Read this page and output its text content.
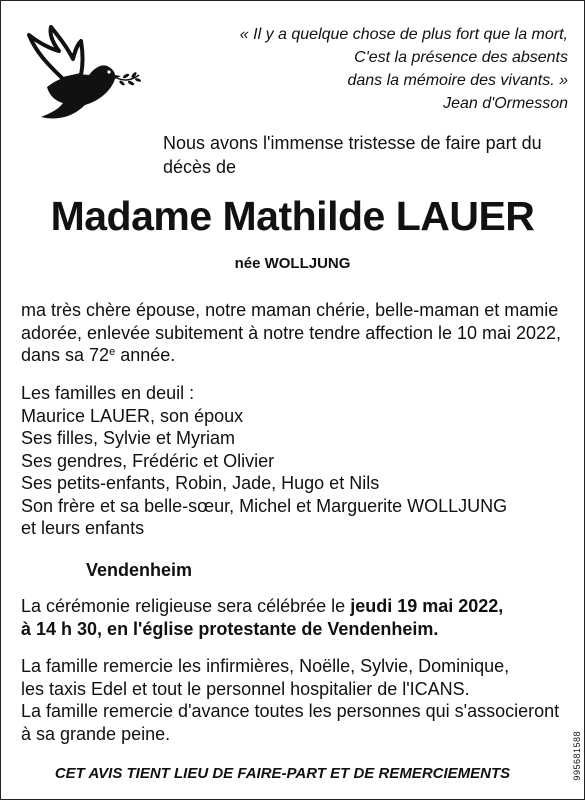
« Il y a quelque chose de plus fort que la mort,
C'est la présence des absents
dans la mémoire des vivants. »
Jean d'Ormesson
Nous avons l'immense tristesse de faire part du
décès de
Madame Mathilde LAUER
née WOLLJUNG
ma très chère épouse, notre maman chérie, belle-maman et mamie
adorée, enlevée subitement à notre tendre affection le 10 mai 2022,
dans sa 72e année.
Les familles en deuil :
Maurice LAUER, son époux
Ses filles, Sylvie et Myriam
Ses gendres, Frédéric et Olivier
Ses petits-enfants, Robin, Jade, Hugo et Nils
Son frère et sa belle-sœur, Michel et Marguerite WOLLJUNG
et leurs enfants
Vendenheim
La cérémonie religieuse sera célébrée le jeudi 19 mai 2022,
à 14 h 30, en l'église protestante de Vendenheim.
La famille remercie les infirmières, Noëlle, Sylvie, Dominique,
les taxis Edel et tout le personnel hospitalier de l'ICANS.
La famille remercie d'avance toutes les personnes qui s'associeront
à sa grande peine.
CET AVIS TIENT LIEU DE FAIRE-PART ET DE REMERCIEMENTS	995681588
